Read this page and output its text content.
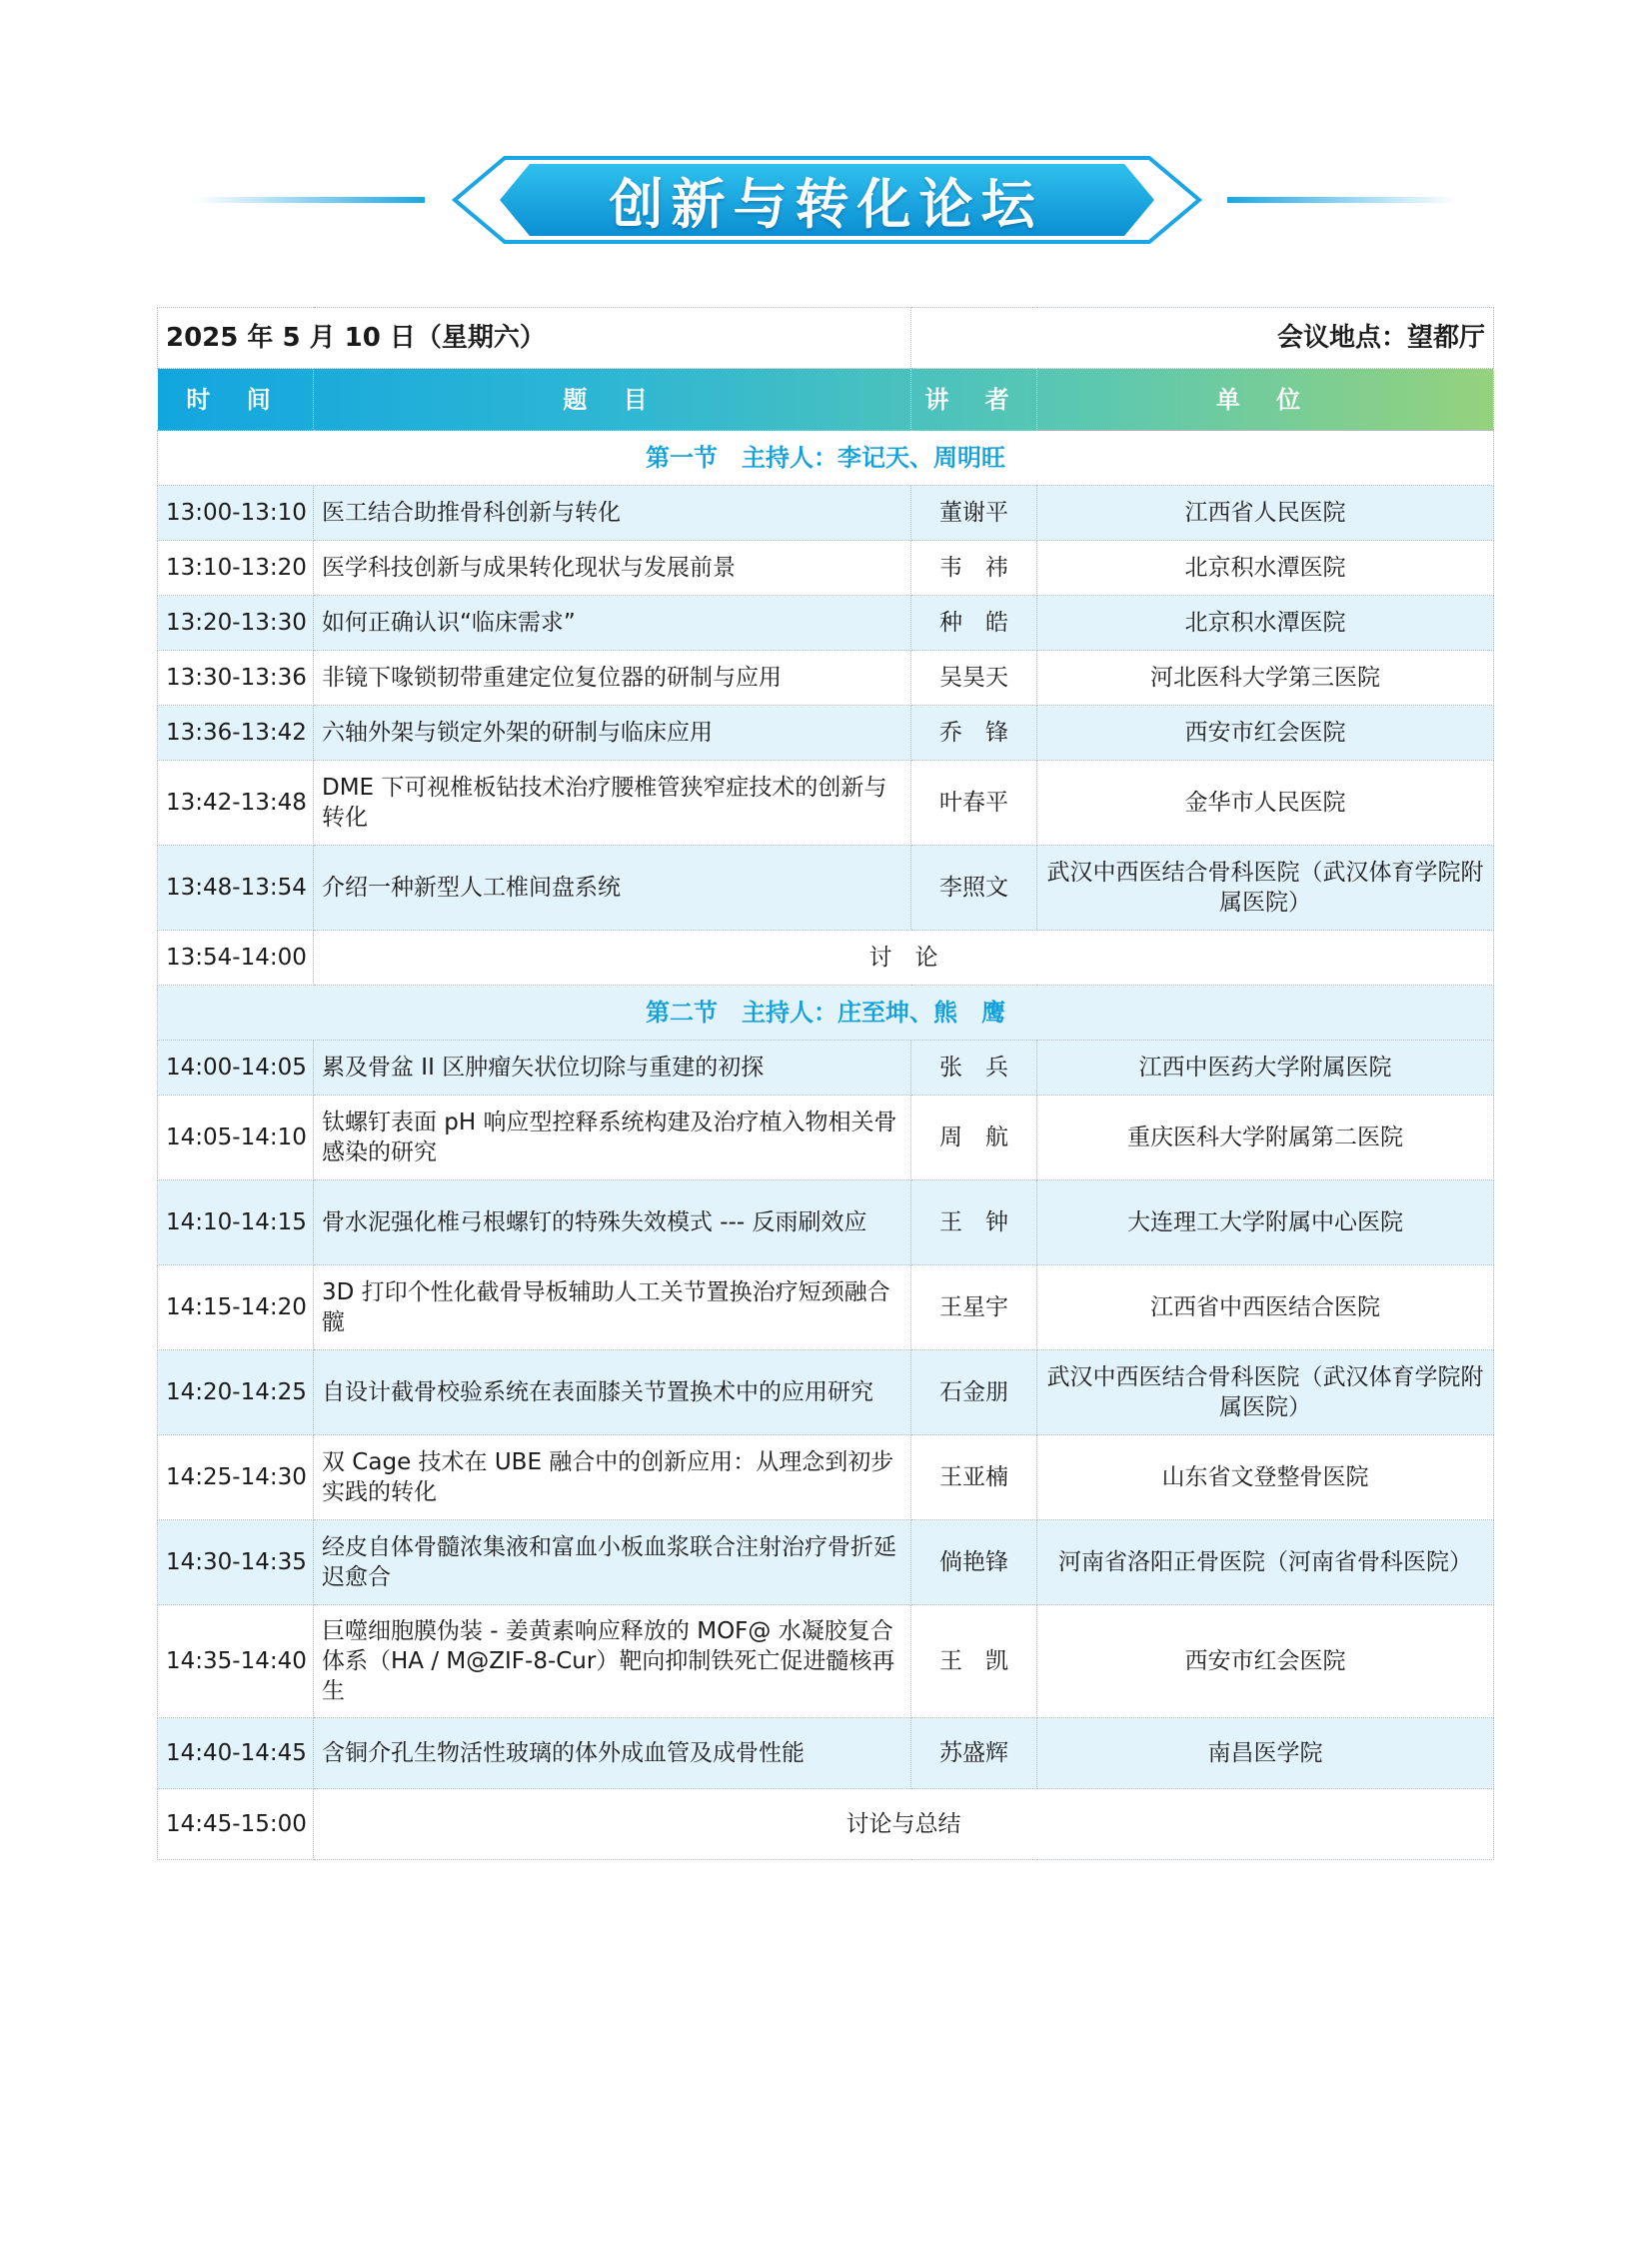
创新与转化论坛
2025 年 5 月 10 日（星期六）		会议地点：望都厅	
时 间	题 目	讲 者	单 位
第一节　主持人：李记天、周明旺			
13:00-13:10	医工结合助推骨科创新与转化	董谢平	江西省人民医院
13:10-13:20	医学科技创新与成果转化现状与发展前景	韦　祎	北京积水潭医院
13:20-13:30	如何正确认识“临床需求”	种　皓	北京积水潭医院
13:30-13:36	非镜下喙锁韧带重建定位复位器的研制与应用	吴昊天	河北医科大学第三医院
13:36-13:42	六轴外架与锁定外架的研制与临床应用	乔　锋	西安市红会医院
13:42-13:48	DME 下可视椎板钻技术治疗腰椎管狭窄症技术的创新与转化	叶春平	金华市人民医院
13:48-13:54	介绍一种新型人工椎间盘系统	李照文	武汉中西医结合骨科医院（武汉体育学院附属医院）
13:54-14:00	讨　论		
第二节　主持人：庄至坤、熊　鹰			
14:00-14:05	累及骨盆 II 区肿瘤矢状位切除与重建的初探	张　兵	江西中医药大学附属医院
14:05-14:10	钛螺钉表面 pH 响应型控释系统构建及治疗植入物相关骨感染的研究	周　航	重庆医科大学附属第二医院
14:10-14:15	骨水泥强化椎弓根螺钉的特殊失效模式 --- 反雨刷效应	王　钟	大连理工大学附属中心医院
14:15-14:20	3D 打印个性化截骨导板辅助人工关节置换治疗短颈融合髋	王星宇	江西省中西医结合医院
14:20-14:25	自设计截骨校验系统在表面膝关节置换术中的应用研究	石金朋	武汉中西医结合骨科医院（武汉体育学院附属医院）
14:25-14:30	双 Cage 技术在 UBE 融合中的创新应用：从理念到初步实践的转化	王亚楠	山东省文登整骨医院
14:30-14:35	经皮自体骨髓浓集液和富血小板血浆联合注射治疗骨折延迟愈合	倘艳锋	河南省洛阳正骨医院（河南省骨科医院）
14:35-14:40	巨噬细胞膜伪装 - 姜黄素响应释放的 MOF@ 水凝胶复合体系（HA / M@ZIF-8-Cur）靶向抑制铁死亡促进髓核再生	王　凯	西安市红会医院
14:40-14:45	含铜介孔生物活性玻璃的体外成血管及成骨性能	苏盛辉	南昌医学院
14:45-15:00	讨论与总结		
